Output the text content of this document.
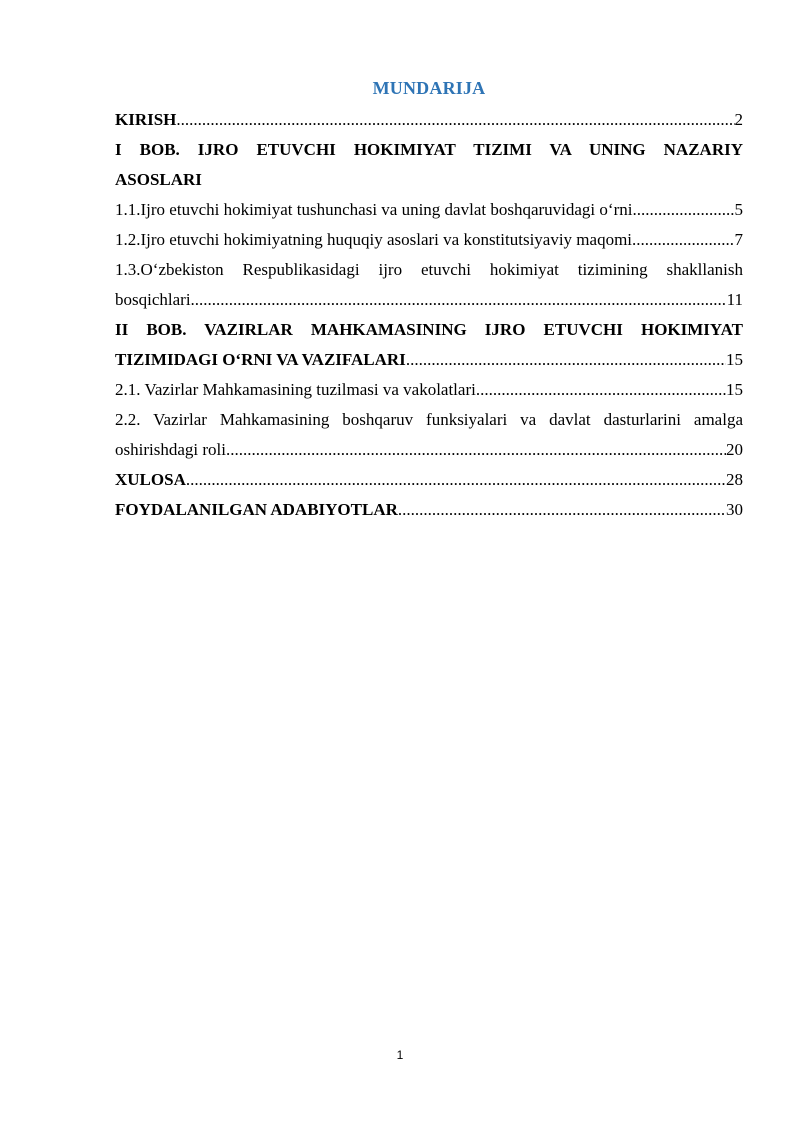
MUNDARIJA
KIRISH .....	2
I BOB. IJRO ETUVCHI HOKIMIYAT TIZIMI VA UNING NAZARIY
ASOSLARI
1.1.Ijro etuvchi hokimiyat tushunchasi va uning davlat boshqaruvidagi o‘rni .....	5
1.2.Ijro etuvchi hokimiyatning huquqiy asoslari va konstitutsiyaviy maqomi .....	7
1.3.O‘zbekiston Respublikasidagi ijro etuvchi hokimiyat tizimining shakllanish
bosqichlari .....	11
II BOB. VAZIRLAR MAHKAMASINING IJRO ETUVCHI HOKIMIYAT
TIZIMIDAGI O‘RNI VA VAZIFALARI .....	15
2.1. Vazirlar Mahkamasining tuzilmasi va vakolatlari .....	15
2.2. Vazirlar Mahkamasining boshqaruv funksiyalari va davlat dasturlarini amalga
oshirishdagi roli .....	20
XULOSA .....	28
FOYDALANILGAN ADABIYOTLAR .....	30
1
